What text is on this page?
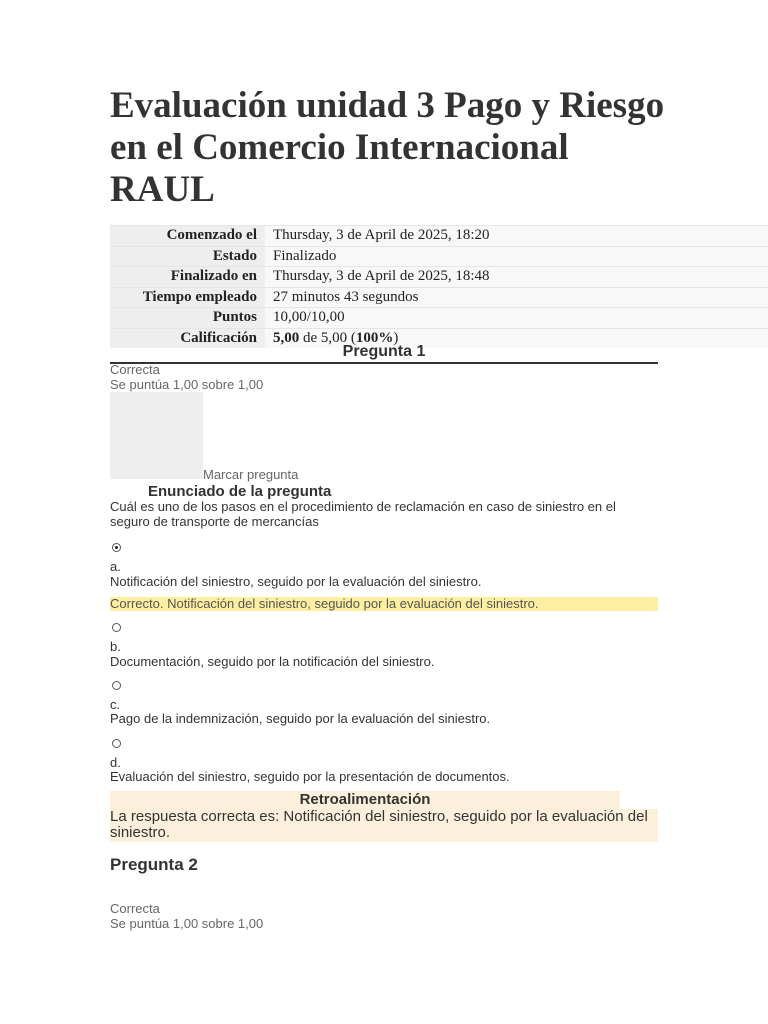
Evaluación unidad 3 Pago y Riesgo en el Comercio Internacional RAUL
Comenzado el	Thursday, 3 de April de 2025, 18:20
Estado	Finalizado
Finalizado en	Thursday, 3 de April de 2025, 18:48
Tiempo empleado	27 minutos 43 segundos
Puntos	10,00/10,00
Calificación	5,00 de 5,00 (100%)
Pregunta 1
Correcta
Se puntúa 1,00 sobre 1,00
Marcar pregunta
Enunciado de la pregunta
Cuál es uno de los pasos en el procedimiento de reclamación en caso de siniestro en el seguro de transporte de mercancías
a.
Notificación del siniestro, seguido por la evaluación del siniestro.
Correcto. Notificación del siniestro, seguido por la evaluación del siniestro.
b.
Documentación, seguido por la notificación del siniestro.
c.
Pago de la indemnización, seguido por la evaluación del siniestro.
d.
Evaluación del siniestro, seguido por la presentación de documentos.
Retroalimentación
La respuesta correcta es: Notificación del siniestro, seguido por la evaluación del siniestro.
Pregunta 2
Correcta
Se puntúa 1,00 sobre 1,00
